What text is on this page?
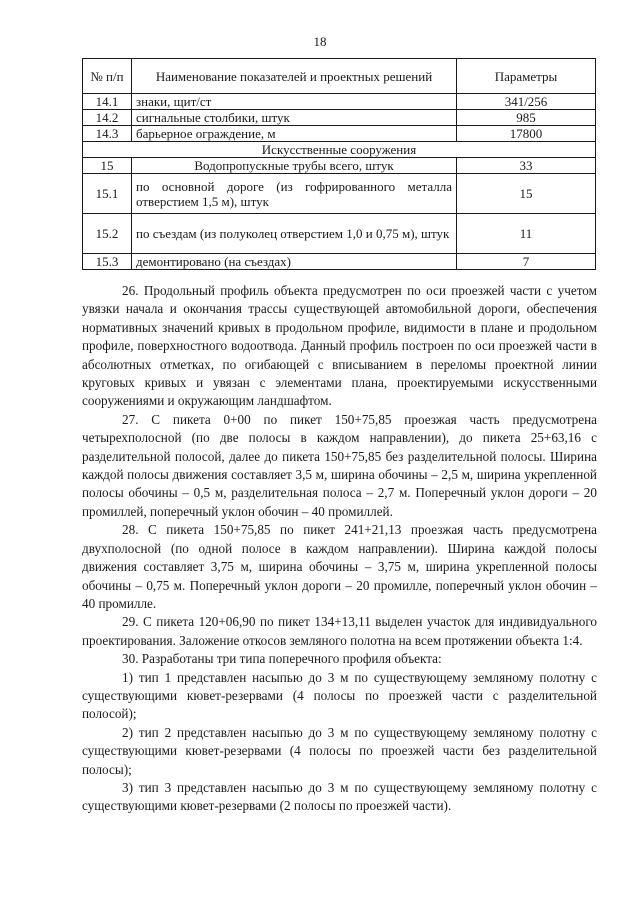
18
№ п/п	Наименование показателей и проектных решений	Параметры
14.1	знаки, щит/ст	341/256
14.2	сигнальные столбики, штук	985
14.3	барьерное ограждение, м	17800
Искусственные сооружения		
15	Водопропускные трубы всего, штук	33
15.1	по основной дороге (из гофрированного металла отверстием 1,5 м), штук	15
15.2	по съездам (из полуколец отверстием 1,0 и 0,75 м), штук	11
15.3	демонтировано (на съездах)	7

26. Продольный профиль объекта предусмотрен по оси проезжей части с учетом увязки начала и окончания трассы существующей автомобильной дороги, обеспечения нормативных значений кривых в продольном профиле, видимости в плане и продольном профиле, поверхностного водоотвода. Данный профиль построен по оси проезжей части в абсолютных отметках, по огибающей с вписыванием в переломы проектной линии круговых кривых и увязан с элементами плана, проектируемыми искусственными сооружениями и окружающим ландшафтом.

27. С пикета 0+00 по пикет 150+75,85 проезжая часть предусмотрена четырехполосной (по две полосы в каждом направлении), до пикета 25+63,16 с разделительной полосой, далее до пикета 150+75,85 без разделительной полосы. Ширина каждой полосы движения составляет 3,5 м, ширина обочины – 2,5 м, ширина укрепленной полосы обочины – 0,5 м, разделительная полоса – 2,7 м. Поперечный уклон дороги – 20 промиллей, поперечный уклон обочин – 40 промиллей.

28. С пикета 150+75,85 по пикет 241+21,13 проезжая часть предусмотрена двухполосной (по одной полосе в каждом направлении). Ширина каждой полосы движения составляет 3,75 м, ширина обочины – 3,75 м, ширина укрепленной полосы обочины – 0,75 м. Поперечный уклон дороги – 20 промилле, поперечный уклон обочин – 40 промилле.

29. С пикета 120+06,90 по пикет 134+13,11 выделен участок для индивидуального проектирования. Заложение откосов земляного полотна на всем протяжении объекта 1:4.

30. Разработаны три типа поперечного профиля объекта:

1) тип 1 представлен насыпью до 3 м по существующему земляному полотну с существующими кювет-резервами (4 полосы по проезжей части с разделительной полосой);

2) тип 2 представлен насыпью до 3 м по существующему земляному полотну с существующими кювет-резервами (4 полосы по проезжей части без разделительной полосы);

3) тип 3 представлен насыпью до 3 м по существующему земляному полотну с существующими кювет-резервами (2 полосы по проезжей части).
